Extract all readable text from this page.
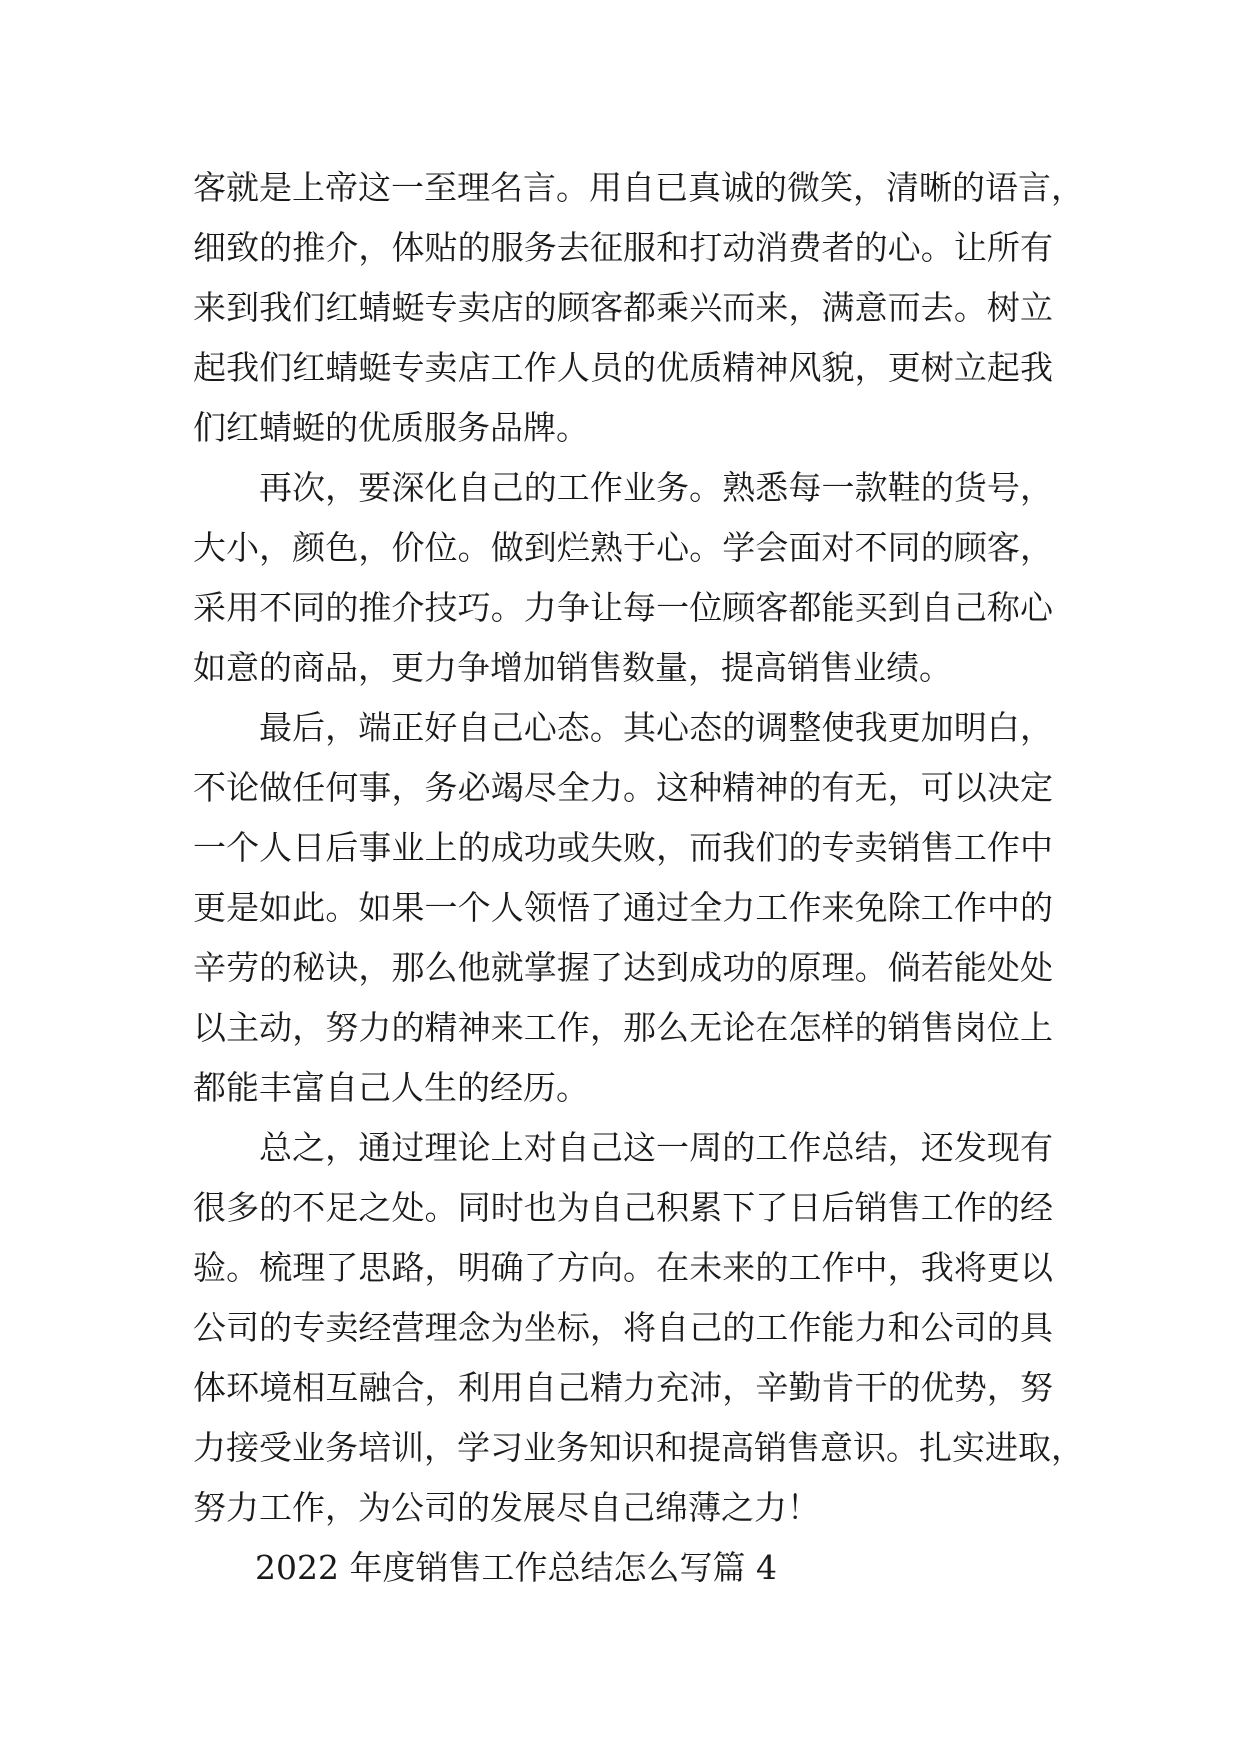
客就是上帝这一至理名言。用自已真诚的微笑，清晰的语言，
细致的推介，体贴的服务去征服和打动消费者的心。让所有
来到我们红蜻蜓专卖店的顾客都乘兴而来，满意而去。树立
起我们红蜻蜓专卖店工作人员的优质精神风貌，更树立起我
们红蜻蜓的优质服务品牌。
再次，要深化自己的工作业务。熟悉每一款鞋的货号，
大小，颜色，价位。做到烂熟于心。学会面对不同的顾客，
采用不同的推介技巧。力争让每一位顾客都能买到自己称心
如意的商品，更力争增加销售数量，提高销售业绩。
最后，端正好自己心态。其心态的调整使我更加明白，
不论做任何事，务必竭尽全力。这种精神的有无，可以决定
一个人日后事业上的成功或失败，而我们的专卖销售工作中
更是如此。如果一个人领悟了通过全力工作来免除工作中的
辛劳的秘诀，那么他就掌握了达到成功的原理。倘若能处处
以主动，努力的精神来工作，那么无论在怎样的销售岗位上
都能丰富自己人生的经历。
总之，通过理论上对自己这一周的工作总结，还发现有
很多的不足之处。同时也为自己积累下了日后销售工作的经
验。梳理了思路，明确了方向。在未来的工作中，我将更以
公司的专卖经营理念为坐标，将自己的工作能力和公司的具
体环境相互融合，利用自己精力充沛，辛勤肯干的优势，努
力接受业务培训，学习业务知识和提高销售意识。扎实进取，
努力工作，为公司的发展尽自己绵薄之力！
2022 年度销售工作总结怎么写篇 4
